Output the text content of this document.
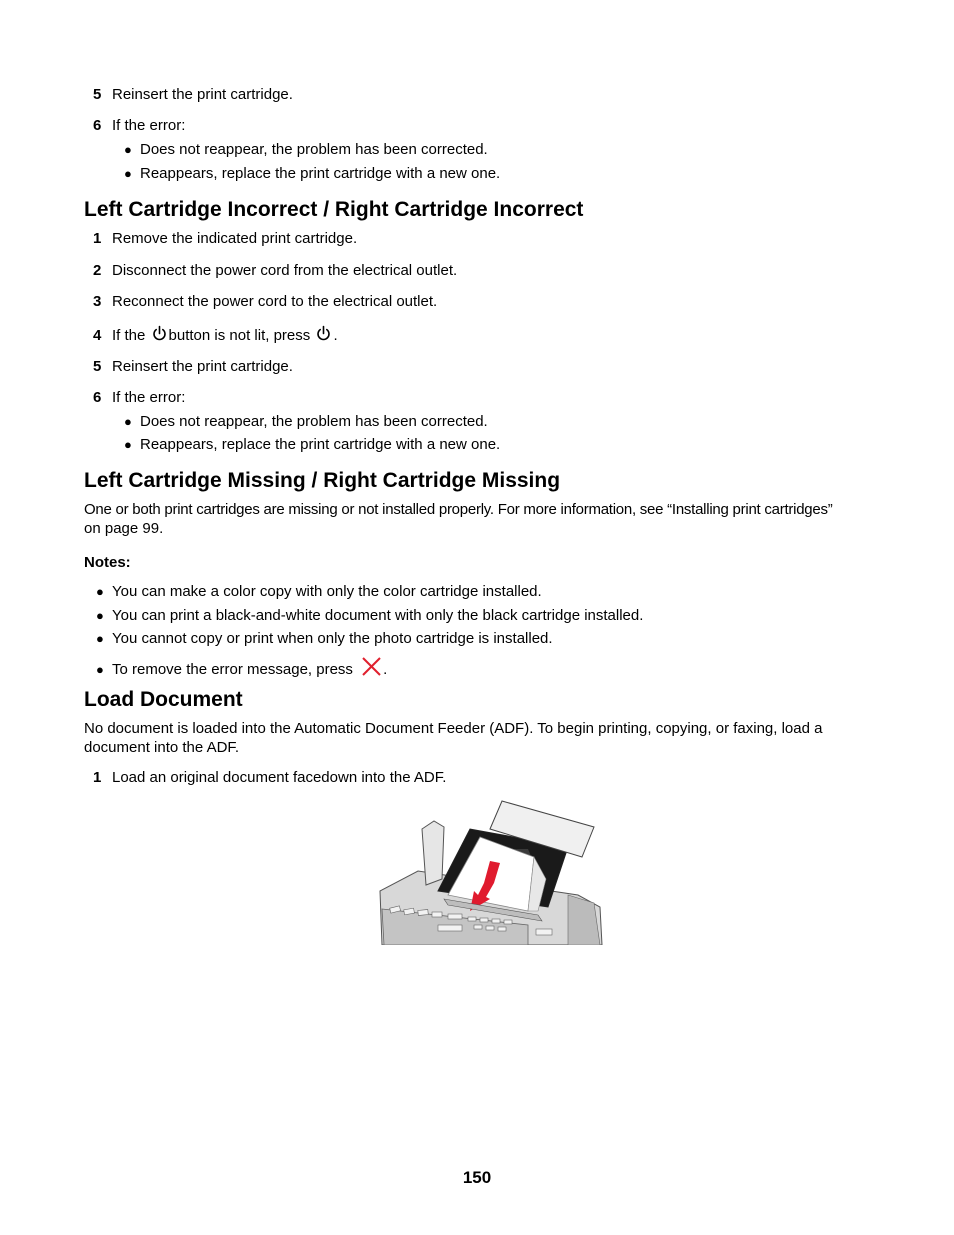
5 Reinsert the print cartridge.
6 If the error:
● Does not reappear, the problem has been corrected.
● Reappears, replace the print cartridge with a new one.
Left Cartridge Incorrect / Right Cartridge Incorrect
1 Remove the indicated print cartridge.
2 Disconnect the power cord from the electrical outlet.
3 Reconnect the power cord to the electrical outlet.
4 If the button is not lit, press .
5 Reinsert the print cartridge.
6 If the error:
● Does not reappear, the problem has been corrected.
● Reappears, replace the print cartridge with a new one.
Left Cartridge Missing / Right Cartridge Missing
One or both print cartridges are missing or not installed properly. For more information, see “Installing print cartridges”
on page 99.
Notes:
● You can make a color copy with only the color cartridge installed.
● You can print a black-and-white document with only the black cartridge installed.
● You cannot copy or print when only the photo cartridge is installed.
● To remove the error message, press .
Load Document
No document is loaded into the Automatic Document Feeder (ADF). To begin printing, copying, or faxing, load a
document into the ADF.
1 Load an original document facedown into the ADF.
150
